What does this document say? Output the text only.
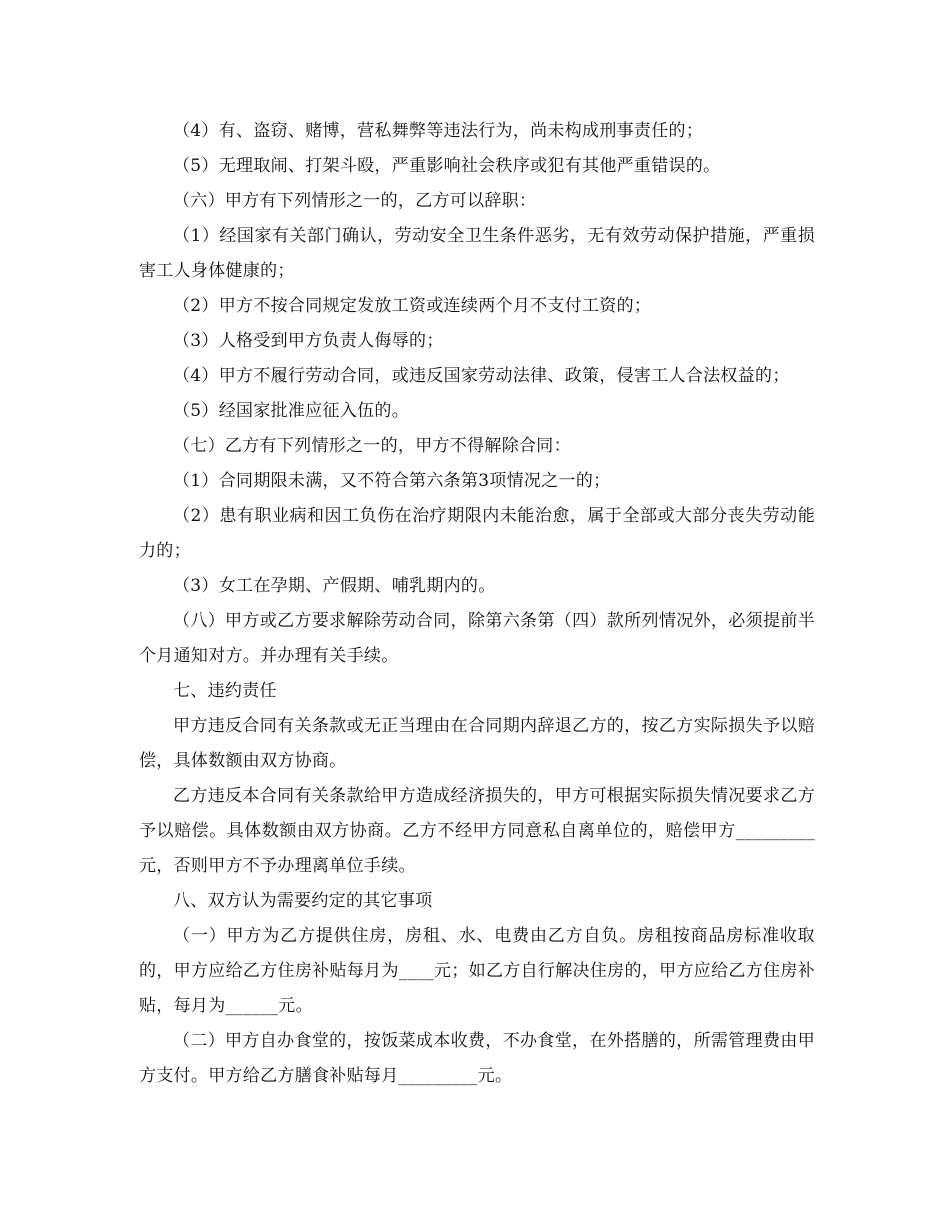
（4）有、盗窃、赌博，营私舞弊等违法行为，尚未构成刑事责任的；

（5）无理取闹、打架斗殴，严重影响社会秩序或犯有其他严重错误的。

（六）甲方有下列情形之一的，乙方可以辞职：

（1）经国家有关部门确认，劳动安全卫生条件恶劣，无有效劳动保护措施，严重损害工人身体健康的；

（2）甲方不按合同规定发放工资或连续两个月不支付工资的；

（3）人格受到甲方负责人侮辱的；

（4）甲方不履行劳动合同，或违反国家劳动法律、政策，侵害工人合法权益的；

（5）经国家批准应征入伍的。

（七）乙方有下列情形之一的，甲方不得解除合同：

（1）合同期限未满，又不符合第六条第3项情况之一的；

（2）患有职业病和因工负伤在治疗期限内未能治愈，属于全部或大部分丧失劳动能力的；

（3）女工在孕期、产假期、哺乳期内的。

（八）甲方或乙方要求解除劳动合同，除第六条第（四）款所列情况外，必须提前半个月通知对方。并办理有关手续。

七、违约责任

甲方违反合同有关条款或无正当理由在合同期内辞退乙方的，按乙方实际损失予以赔偿，具体数额由双方协商。

乙方违反本合同有关条款给甲方造成经济损失的，甲方可根据实际损失情况要求乙方予以赔偿。具体数额由双方协商。乙方不经甲方同意私自离单位的，赔偿甲方_________元，否则甲方不予办理离单位手续。

八、双方认为需要约定的其它事项

（一）甲方为乙方提供住房，房租、水、电费由乙方自负。房租按商品房标准收取的，甲方应给乙方住房补贴每月为____元；如乙方自行解决住房的，甲方应给乙方住房补贴，每月为______元。

（二）甲方自办食堂的，按饭菜成本收费，不办食堂，在外搭膳的，所需管理费由甲方支付。甲方给乙方膳食补贴每月_________元。
